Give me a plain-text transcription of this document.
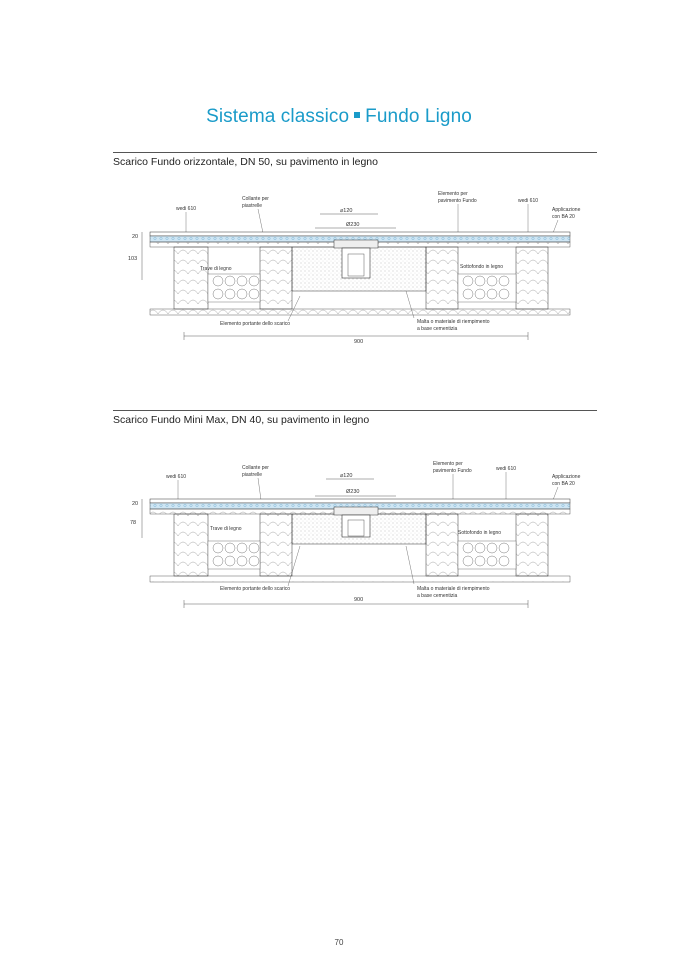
Sistema classico Fundo Ligno
Scarico Fundo orizzontale, DN 50, su pavimento in legno
wedi 610
Collante per
piastrelle
Elemento per
pavimento Fundo	wedi 610
Applicazione
con BA 20
⌀120
Ø230
20
103
Trave di legno	Sottofondo in legno
Elemento portante dello scarico	Malta o materiale di riempimento
a base cementizia
900
Scarico Fundo Mini Max, DN 40, su pavimento in legno
wedi 610
Collante per
piastrelle
Elemento per
pavimento Fundo	wedi 610
Applicazione
con BA 20
⌀120
Ø230
20
78
Trave di legno
Sottofondo in legno
Elemento portante dello scarico	Malta o materiale di riempimento
a base cementizia
900
70
